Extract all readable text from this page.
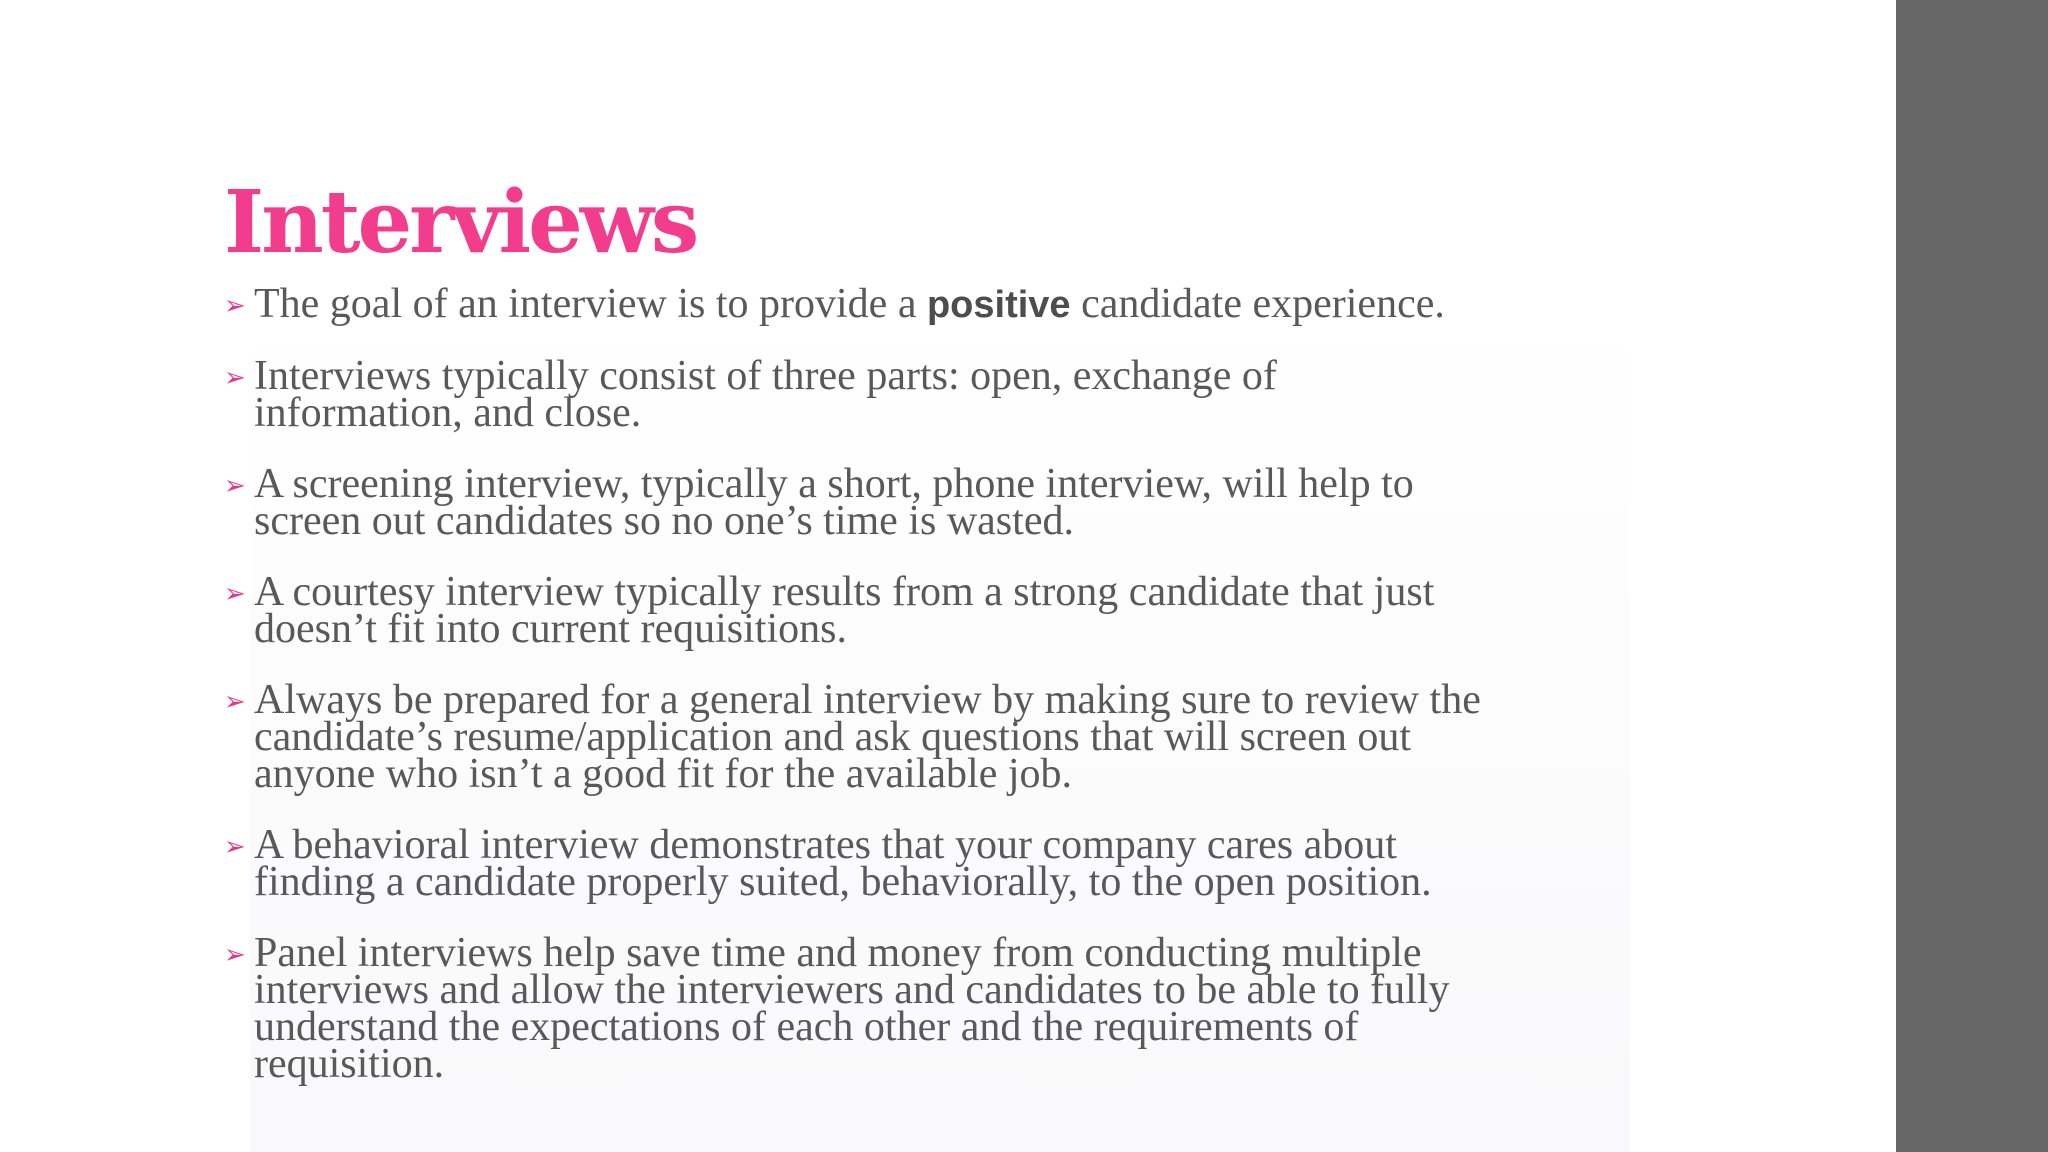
Interviews
➢ The goal of an interview is to provide a positive candidate experience.
➢ Interviews typically consist of three parts: open, exchange of
information, and close.
➢ A screening interview, typically a short, phone interview, will help to
screen out candidates so no one’s time is wasted.
➢ A courtesy interview typically results from a strong candidate that just
doesn’t fit into current requisitions.
➢ Always be prepared for a general interview by making sure to review the
candidate’s resume/application and ask questions that will screen out
anyone who isn’t a good fit for the available job.
➢ A behavioral interview demonstrates that your company cares about
finding a candidate properly suited, behaviorally, to the open position.
➢ Panel interviews help save time and money from conducting multiple
interviews and allow the interviewers and candidates to be able to fully
understand the expectations of each other and the requirements of
requisition.
